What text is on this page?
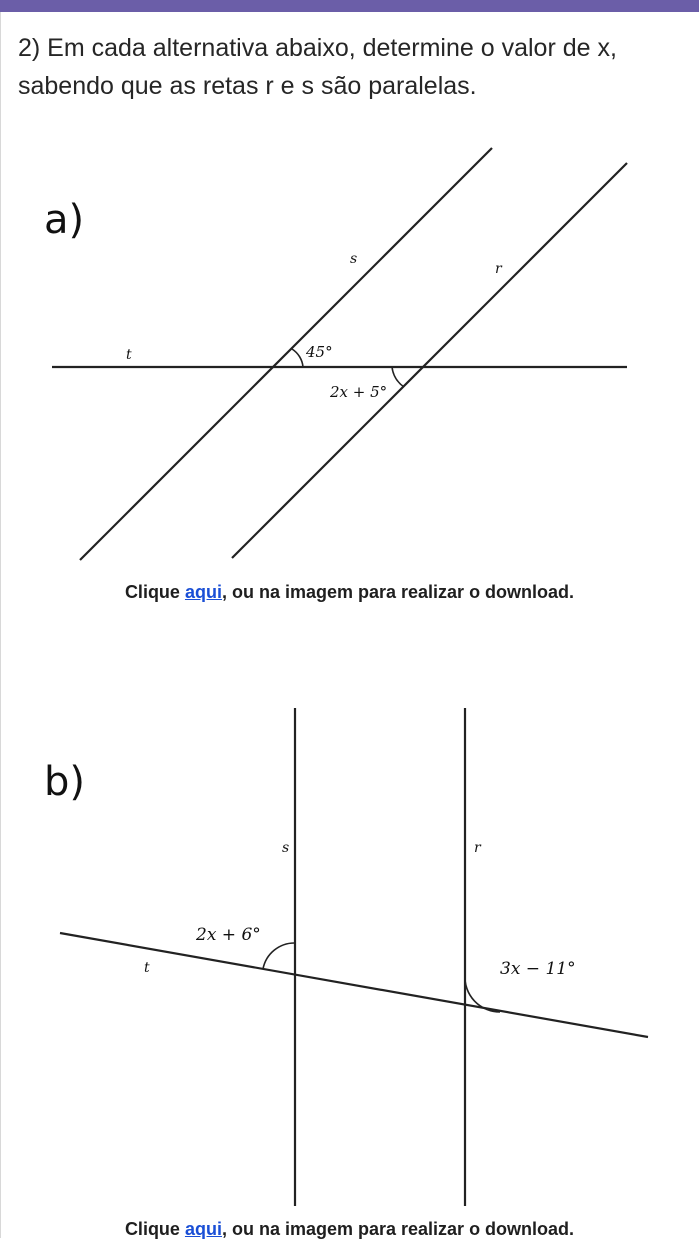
2) Em cada alternativa abaixo, determine o valor de x, sabendo que as retas r e s são paralelas.
a)
s
r
t	45°
2x + 5°
Clique aqui, ou na imagem para realizar o download.
b)
s	r
t
2x + 6°
3x − 11°
Clique aqui, ou na imagem para realizar o download.
